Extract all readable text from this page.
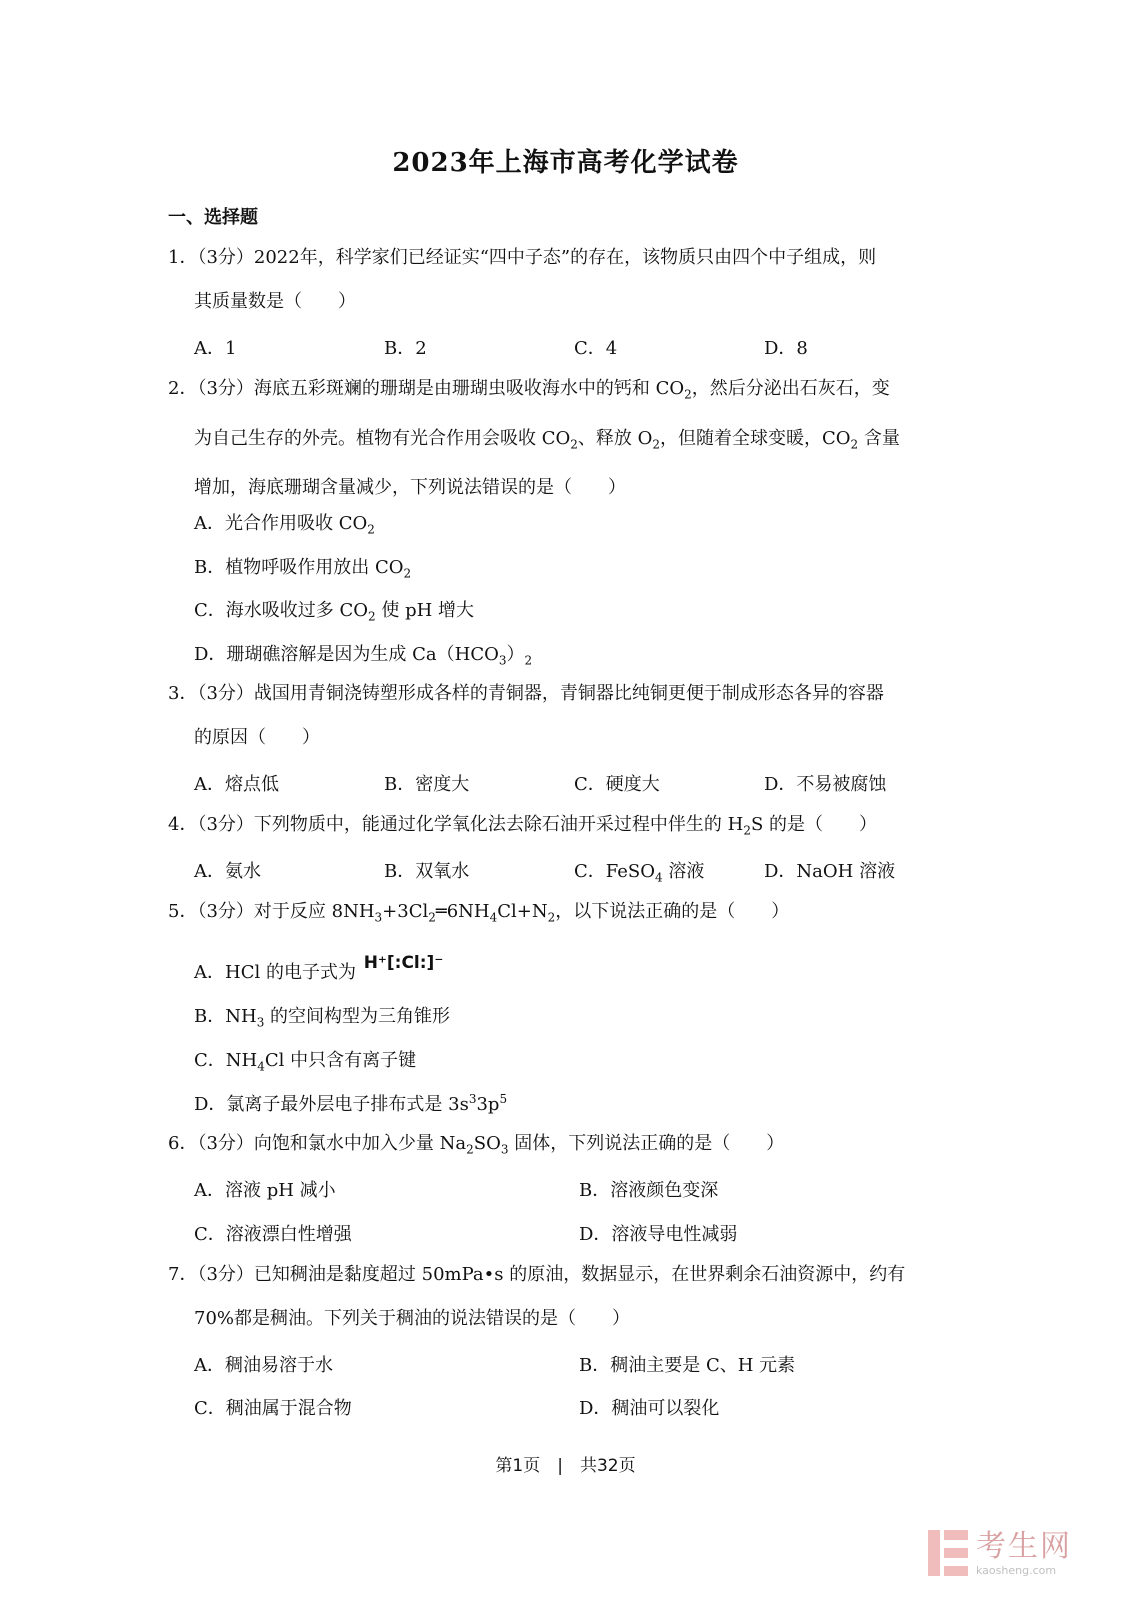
2023年上海市高考化学试卷
一、选择题
1．（3分）2022年，科学家们已经证实“四中子态”的存在，该物质只由四个中子组成，则
其质量数是（　　）
A．1	B．2	C．4	D．8
2．（3分）海底五彩斑斓的珊瑚是由珊瑚虫吸收海水中的钙和 $CO_2$，然后分泌出石灰石，变
为自己生存的外壳。植物有光合作用会吸收 $CO_2$、释放 $O_2$，但随着全球变暖，$CO_2$ 含量
增加，海底珊瑚含量减少，下列说法错误的是（　　）
A．光合作用吸收 $CO_2$
B．植物呼吸作用放出 $CO_2$
C．海水吸收过多 $CO_2$ 使 pH 增大
D．珊瑚礁溶解是因为生成 $Ca(HCO_3)_2$
3．（3分）战国用青铜浇铸塑形成各样的青铜器，青铜器比纯铜更便于制成形态各异的容器
的原因（　　）
A．熔点低	B．密度大	C．硬度大	D．不易被腐蚀
4．（3分）下列物质中，能通过化学氧化法去除石油开采过程中伴生的 $H_2S$ 的是（　　）
A．氨水	B．双氧水	C．FeSO$_4$ 溶液	D．NaOH 溶液
5．（3分）对于反应 $8NH_3+3Cl_2═6NH_4Cl+N_2$，以下说法正确的是（　　）
A．HCl 的电子式为 H⁺[:Cl:]⁻
B．$NH_3$ 的空间构型为三角锥形
C．$NH_4Cl$ 中只含有离子键
D．氯离子最外层电子排布式是 $3s^33p^5$
6．（3分）向饱和氯水中加入少量 $Na_2SO_3$ 固体，下列说法正确的是（　　）
A．溶液 pH 减小	B．溶液颜色变深
C．溶液漂白性增强	D．溶液导电性减弱
7．（3分）已知稠油是黏度超过 50mPa•s 的原油，数据显示，在世界剩余石油资源中，约有
70%都是稠油。下列关于稠油的说法错误的是（　　）
A．稠油易溶于水	B．稠油主要是 C、H 元素
C．稠油属于混合物	D．稠油可以裂化
第1页　|　共32页
考生网
kaosheng.com
